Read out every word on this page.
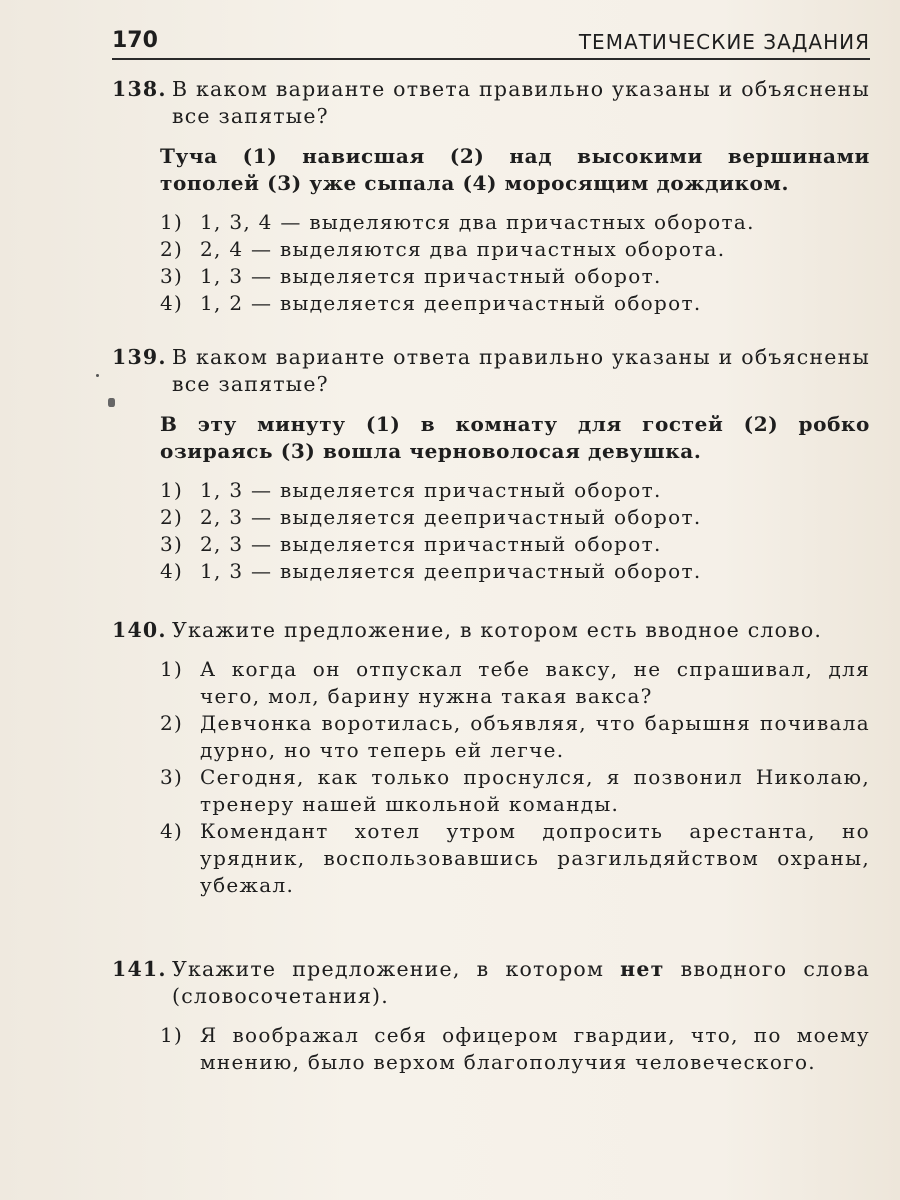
170	ТЕМАТИЧЕСКИЕ ЗАДАНИЯ
138. В каком варианте ответа правильно указаны и объяснены все запятые?
Туча (1) нависшая (2) над высокими вершинами тополей (3) уже сыпала (4) моросящим дождиком.
1) 1, 3, 4 — выделяются два причастных оборота.
2) 2, 4 — выделяются два причастных оборота.
3) 1, 3 — выделяется причастный оборот.
4) 1, 2 — выделяется деепричастный оборот.
139. В каком варианте ответа правильно указаны и объяснены все запятые?
В эту минуту (1) в комнату для гостей (2) робко озираясь (3) вошла черноволосая девушка.
1) 1, 3 — выделяется причастный оборот.
2) 2, 3 — выделяется деепричастный оборот.
3) 2, 3 — выделяется причастный оборот.
4) 1, 3 — выделяется деепричастный оборот.
140. Укажите предложение, в котором есть вводное слово.
1) А когда он отпускал тебе ваксу, не спрашивал, для чего, мол, барину нужна такая вакса?
2) Девчонка воротилась, объявляя, что барышня почивала дурно, но что теперь ей легче.
3) Сегодня, как только проснулся, я позвонил Николаю, тренеру нашей школьной команды.
4) Комендант хотел утром допросить арестанта, но урядник, воспользовавшись разгильдяйством охраны, убежал.
141. Укажите предложение, в котором нет вводного слова (словосочетания).
1) Я воображал себя офицером гвардии, что, по моему мнению, было верхом благополучия человеческого.
